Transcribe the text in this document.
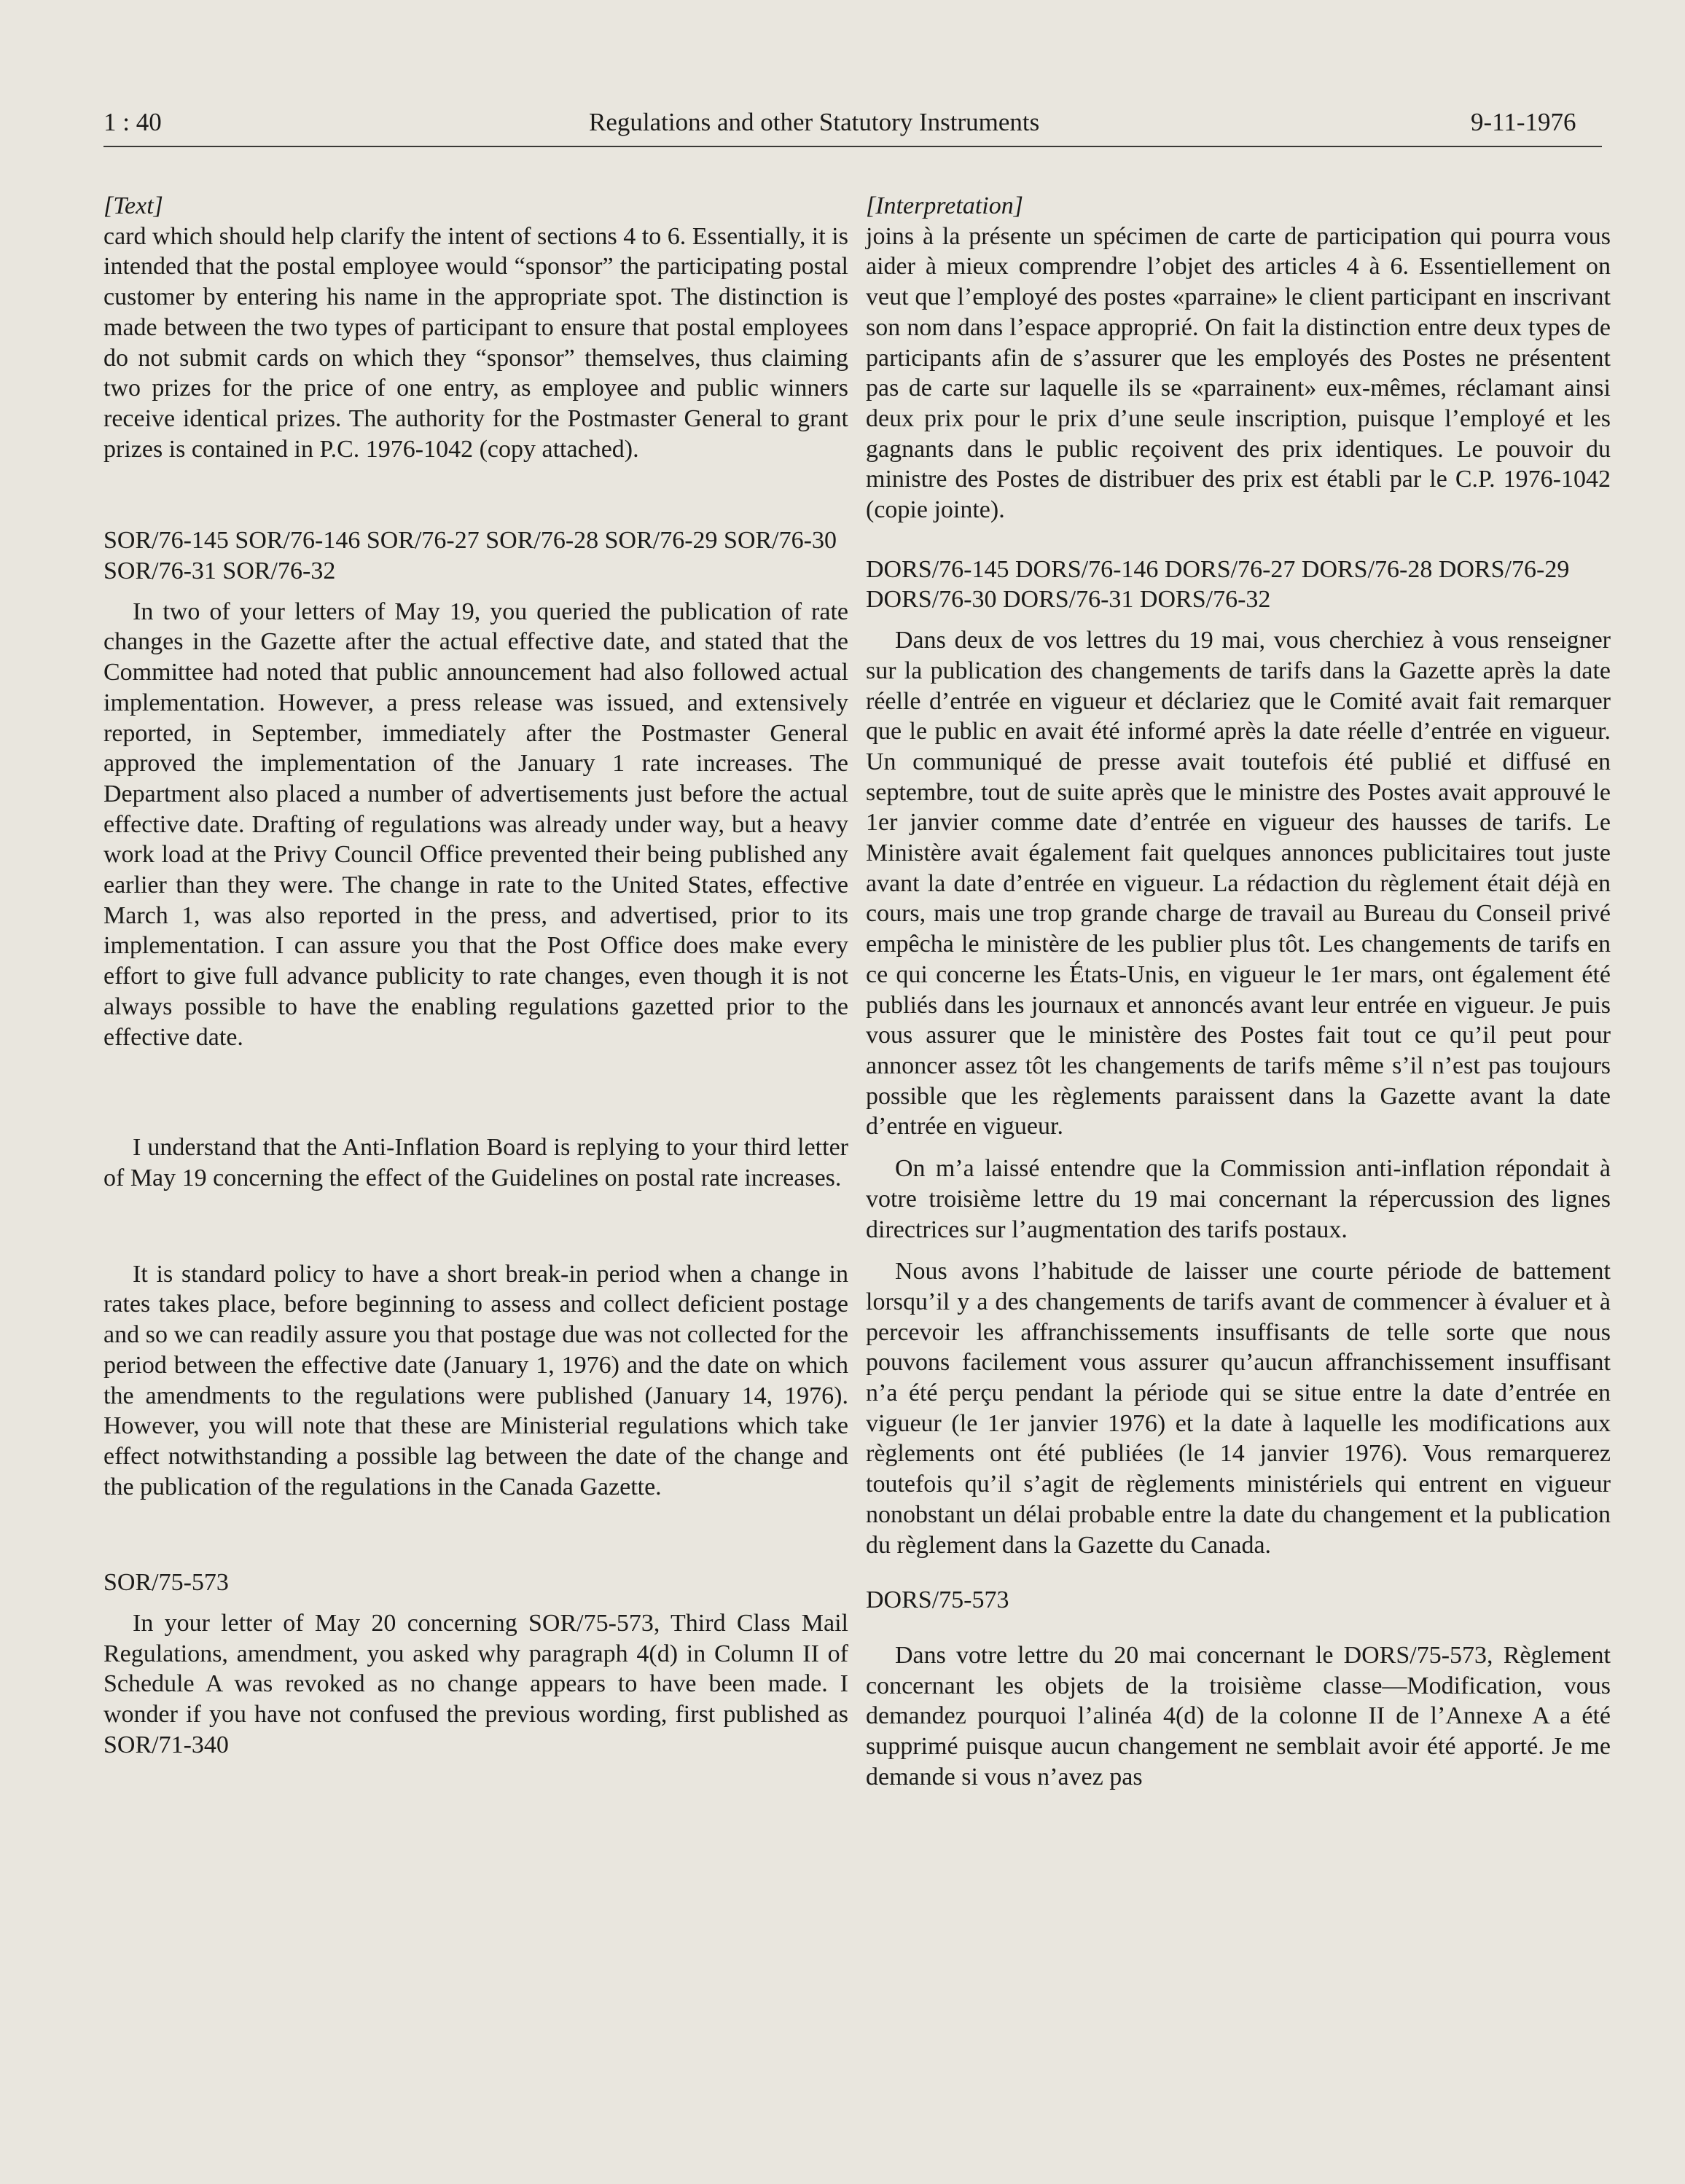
1 : 40	Regulations and other Statutory Instruments	9-11-1976

[Text]

card which should help clarify the intent of sections 4 to 6. Essentially, it is intended that the postal employee would “sponsor” the participating postal customer by entering his name in the appropriate spot. The distinction is made between the two types of participant to ensure that postal employees do not submit cards on which they “sponsor” themselves, thus claiming two prizes for the price of one entry, as employee and public winners receive identical prizes. The authority for the Postmaster General to grant prizes is contained in P.C. 1976-1042 (copy attached).

SOR/76-145 SOR/76-146 SOR/76-27 SOR/76-28 SOR/76-29 SOR/76-30 SOR/76-31 SOR/76-32

In two of your letters of May 19, you queried the publication of rate changes in the Gazette after the actual effective date, and stated that the Committee had noted that public announcement had also followed actual implementation. However, a press release was issued, and extensively reported, in September, immediately after the Postmaster General approved the implementation of the January 1 rate increases. The Department also placed a number of advertisements just before the actual effective date. Drafting of regulations was already under way, but a heavy work load at the Privy Council Office prevented their being published any earlier than they were. The change in rate to the United States, effective March 1, was also reported in the press, and advertised, prior to its implementation. I can assure you that the Post Office does make every effort to give full advance publicity to rate changes, even though it is not always possible to have the enabling regulations gazetted prior to the effective date.

I understand that the Anti-Inflation Board is replying to your third letter of May 19 concerning the effect of the Guidelines on postal rate increases.

It is standard policy to have a short break-in period when a change in rates takes place, before beginning to assess and collect deficient postage and so we can readily assure you that postage due was not collected for the period between the effective date (January 1, 1976) and the date on which the amendments to the regulations were published (January 14, 1976). However, you will note that these are Ministerial regulations which take effect notwithstanding a possible lag between the date of the change and the publication of the regulations in the Canada Gazette.

SOR/75-573

In your letter of May 20 concerning SOR/75-573, Third Class Mail Regulations, amendment, you asked why paragraph 4(d) in Column II of Schedule A was revoked as no change appears to have been made. I wonder if you have not confused the previous wording, first published as SOR/71-340

[Interpretation]

joins à la présente un spécimen de carte de participation qui pourra vous aider à mieux comprendre l’objet des articles 4 à 6. Essentiellement on veut que l’employé des postes «parraine» le client participant en inscrivant son nom dans l’espace approprié. On fait la distinction entre deux types de participants afin de s’assurer que les employés des Postes ne présentent pas de carte sur laquelle ils se «parrainent» eux-mêmes, réclamant ainsi deux prix pour le prix d’une seule inscription, puisque l’employé et les gagnants dans le public reçoivent des prix identiques. Le pouvoir du ministre des Postes de distribuer des prix est établi par le C.P. 1976-1042 (copie jointe).

DORS/76-145 DORS/76-146 DORS/76-27 DORS/76-28 DORS/76-29 DORS/76-30 DORS/76-31 DORS/76-32

Dans deux de vos lettres du 19 mai, vous cherchiez à vous renseigner sur la publication des changements de tarifs dans la Gazette après la date réelle d’entrée en vigueur et déclariez que le Comité avait fait remarquer que le public en avait été informé après la date réelle d’entrée en vigueur. Un communiqué de presse avait toutefois été publié et diffusé en septembre, tout de suite après que le ministre des Postes avait approuvé le 1er janvier comme date d’entrée en vigueur des hausses de tarifs. Le Ministère avait également fait quelques annonces publicitaires tout juste avant la date d’entrée en vigueur. La rédaction du règlement était déjà en cours, mais une trop grande charge de travail au Bureau du Conseil privé empêcha le ministère de les publier plus tôt. Les changements de tarifs en ce qui concerne les États-Unis, en vigueur le 1er mars, ont également été publiés dans les journaux et annoncés avant leur entrée en vigueur. Je puis vous assurer que le ministère des Postes fait tout ce qu’il peut pour annoncer assez tôt les changements de tarifs même s’il n’est pas toujours possible que les règlements paraissent dans la Gazette avant la date d’entrée en vigueur.

On m’a laissé entendre que la Commission anti-inflation répondait à votre troisième lettre du 19 mai concernant la répercussion des lignes directrices sur l’augmentation des tarifs postaux.

Nous avons l’habitude de laisser une courte période de battement lorsqu’il y a des changements de tarifs avant de commencer à évaluer et à percevoir les affranchissements insuffisants de telle sorte que nous pouvons facilement vous assurer qu’aucun affranchissement insuffisant n’a été perçu pendant la période qui se situe entre la date d’entrée en vigueur (le 1er janvier 1976) et la date à laquelle les modifications aux règlements ont été publiées (le 14 janvier 1976). Vous remarquerez toutefois qu’il s’agit de règlements ministériels qui entrent en vigueur nonobstant un délai probable entre la date du changement et la publication du règlement dans la Gazette du Canada.

DORS/75-573

Dans votre lettre du 20 mai concernant le DORS/75-573, Règlement concernant les objets de la troisième classe—Modification, vous demandez pourquoi l’alinéa 4(d) de la colonne II de l’Annexe A a été supprimé puisque aucun changement ne semblait avoir été apporté. Je me demande si vous n’avez pas
